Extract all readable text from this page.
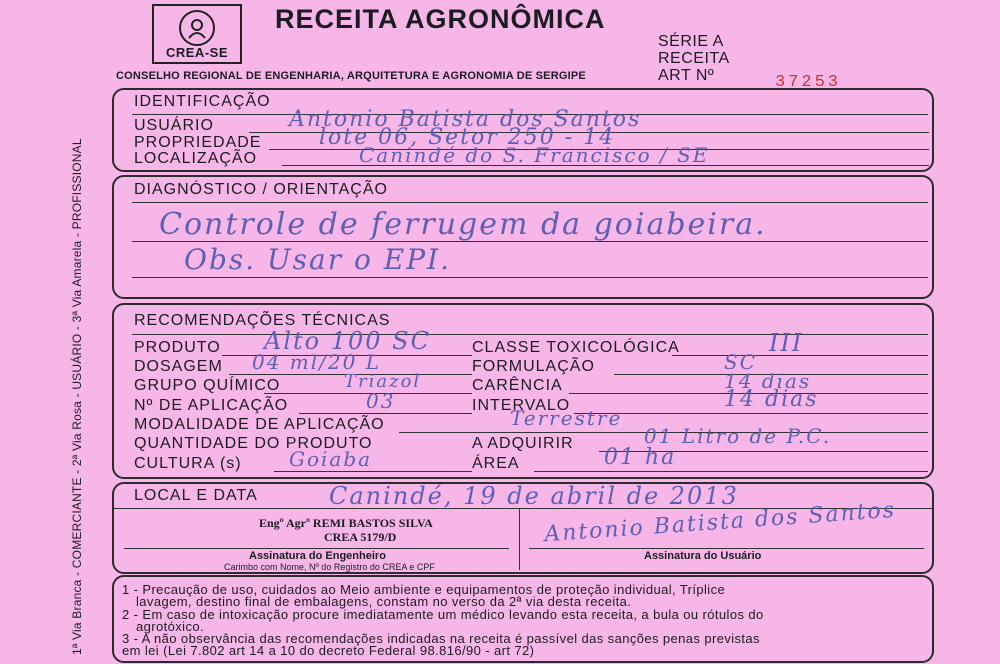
CREA-SE
RECEITA AGRONÔMICA
SÉRIE A
RECEITA
ART Nº	37253
CONSELHO REGIONAL DE ENGENHARIA, ARQUITETURA E AGRONOMIA DE SERGIPE
1ª Via Branca - COMERCIANTE - 2ª Via Rosa - USUÁRIO - 3ª Via Amarela - PROFISSIONAL
IDENTIFICAÇÃO
USUÁRIO	Antonio Batista dos Santos
PROPRIEDADE	lote 06, Setor 250 - 14
LOCALIZAÇÃO	Canindé do S. Francisco / SE
DIAGNÓSTICO / ORIENTAÇÃO
Controle de ferrugem da goiabeira.
Obs. Usar o EPI.
RECOMENDAÇÕES TÉCNICAS
PRODUTO Alto 100 SC	CLASSE TOXICOLÓGICA	III
DOSAGEM 04 ml/20 L	FORMULAÇÃO	SC
GRUPO QUÍMICO	Triazol	CARÊNCIA	14 dias
Nº DE APLICAÇÃO	03	INTERVALO	14 dias
MODALIDADE DE APLICAÇÃO	Terrestre
QUANTIDADE DO PRODUTO	A ADQUIRIR	01 Litro de P.C.
CULTURA (s) Goiaba	ÁREA	01 ha
LOCAL E DATA	Canindé, 19 de abril de 2013
Engº Agrº REMI BASTOS SILVA
CREA 5179/D
Assinatura do Engenheiro
Carimbo com Nome, Nº do Registro do CREA e CPF
Antonio Batista dos Santos
Assinatura do Usuário
1 - Precaução de uso, cuidados ao Meio ambiente e equipamentos de proteção individual, Tríplice
lavagem, destino final de embalagens, constam no verso da 2ª via desta receita.
2 - Em caso de intoxicação procure imediatamente um médico levando esta receita, a bula ou rótulos do
agrotóxico.
3 - A não observância das recomendações indicadas na receita é passível das sanções penas previstas
em lei (Lei 7.802 art 14 a 10 do decreto Federal 98.816/90 - art 72)
